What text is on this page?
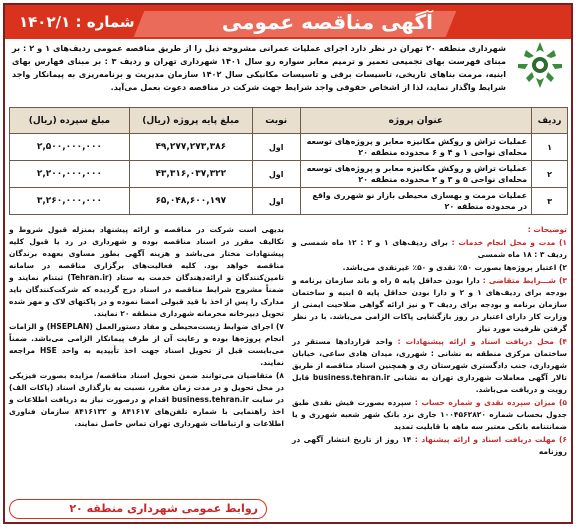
آگهی مناقصه عمومی
شماره : ۱۴۰۲/۱
شهرداری منطقه ۲۰ تهران در نظر دارد اجرای عملیات عمرانی مشروحه ذیل را از طریق مناقصه عمومی ردیف‌های ۱ و ۲ : بر مبنای فهرست بهای تجمیعی تعمیر و ترمیم معابر سواره رو سال ۱۴۰۱ شهرداری تهران و ردیف ۳ : بر مبنای فهارس بهای ابنیه، مرمت بناهای تاریخی، تاسیسات برقی و تاسیسات مکانیکی سال ۱۴۰۲ سازمان مدیریت و برنامه‌ریزی به پیمانکار واجد شرایط واگذار نماید، لذا از اشخاص حقوقی واجد شرایط جهت شرکت در مناقصه دعوت بعمل می‌آید.
ردیف	عنوان پروژه	نوبت	مبلغ پایه پروژه (ریال)	مبلغ سپرده (ریال)
۱	عملیات تراش و روکش مکانیزه معابر و پروژه‌های توسعه محله‌ای نواحی ۱ و ۴ و ۶ محدوده منطقه ۲۰	اول	۴۹,۲۷۷,۲۷۳,۳۸۶	۲,۵۰۰,۰۰۰,۰۰۰
۲	عملیات تراش و روکش مکانیزه معابر و پروژه‌های توسعه محله‌ای نواحی ۵ و ۳ و ۲ محدوده منطقه ۲۰	اول	۴۳,۳۱۶,۰۳۷,۳۲۲	۲,۲۰۰,۰۰۰,۰۰۰
۳	عملیات مرمت و بهسازی محیطی بازار نو شهرری واقع در محدوده منطقه ۲۰	اول	۶۵,۰۴۸,۶۰۰,۱۹۷	۳,۲۶۰,۰۰۰,۰۰۰

توضیحات :

۱) مدت و محل انجام خدمات : برای ردیف‌های ۱ و ۲ : ۱۲ ماه شمسی و ردیف ۳ : ۱۸ ماه شمسی

۲) اعتبار پروژه‌ها بصورت ۵۰٪ نقدی و ۵۰٪ غیرنقدی می‌باشد.

۳) شـــرایط متقاضی : دارا بودن حداقل پایه ۵ راه و باند سازمان برنامه و بودجه برای ردیف‌های ۱ و ۲ و دارا بودن حداقل پایه ۵ ابنیه و ساختمان سازمان برنامه و بودجه برای ردیف ۳ و نیز ارائه گواهی صلاحیت ایمنی از وزارت کار دارای اعتبار در روز بازگشایی پاکات الزامی می‌باشد. با در نظر گرفتن ظرفیت مورد نیاز

۴) محل دریافت اسناد و ارائه پیشنهادات : واحد قراردادها مستقر در ساختمان مرکزی منطقه به نشانی : شهرری، میدان هادی ساعی، خیابان شهرداری، جنب دادگستری شهرستان ری و همچنین اسناد مناقصه از طریق تالار آگهی معاملات شهرداری تهران به نشانی business.tehran.ir قابل رویت و دریافت می‌باشد.

۵) میزان سپرده نقدی و شماره حساب : سپرده بصورت فیش نقدی طبق جدول بحساب شماره ۱۰۰۴۵۶۲۸۲۰ جاری نزد بانک شهر شعبه شهرری و یا ضمانتنامه بانکی معتبر سه ماهه با قابلیت تمدید

۶) مهلت دریافت اسناد و ارائه پیشنهاد : ۱۴ روز از تاریخ انتشار آگهی در روزنامه

بدیهی است شرکت در مناقصه و ارائه پیشنهاد بمنزله قبول شروط و تکالیف مقرر در اسناد مناقصه بوده و شهرداری در رد یا قبول کلیه پیشنهادات مختار می‌باشد و هزینه آگهی بطور مساوی بعهده برندگان مناقصه خواهد بود. کلیه فعالیت‌های برگزاری مناقصه در سامانه تامین‌کنندگان و ارائه‌دهندگان خدمت به ستاد (Tehran.ir) ثبتنام نمایند و ضمناً مشروح شرایط مناقصه در اسناد درج گردیده که شرکت‌کنندگان باید مدارک را پس از اخذ با قید قبولی امضا نموده و در پاکتهای لاک و مهر شده تحویل دبیرخانه محرمانه شهرداری منطقه ۲۰ نمایند.

۷) اجرای ضوابط زیست‌محیطی و مفاد دستورالعمل (HSEPLAN) و الزامات انجام پروژه‌ها بوده و رعایت آن از طرف پیمانکار الزامی می‌باشد. ضمناً می‌بایست قبل از تحویل اسناد جهت اخذ تأییدیه به واحد HSE مراجعه نمایند.

۸) متقاضیان می‌توانند ضمن تحویل اسناد مناقصه/ مزایده بصورت فیزیکی در محل تحویل و در مدت زمان مقرر، نسبت به بارگذاری اسناد (پاکات الف) در سایت business.tehran.ir اقدام و درصورت نیاز به دریافت اطلاعات و اخذ راهنمایی با شماره تلفن‌های ۸۴۱۶۱۷ و ۸۴۱۶۱۳۲ سازمان فناوری اطلاعات و ارتباطات شهرداری تهران تماس حاصل نمایند.

روابط عمومی شهرداری منطقه ۲۰
